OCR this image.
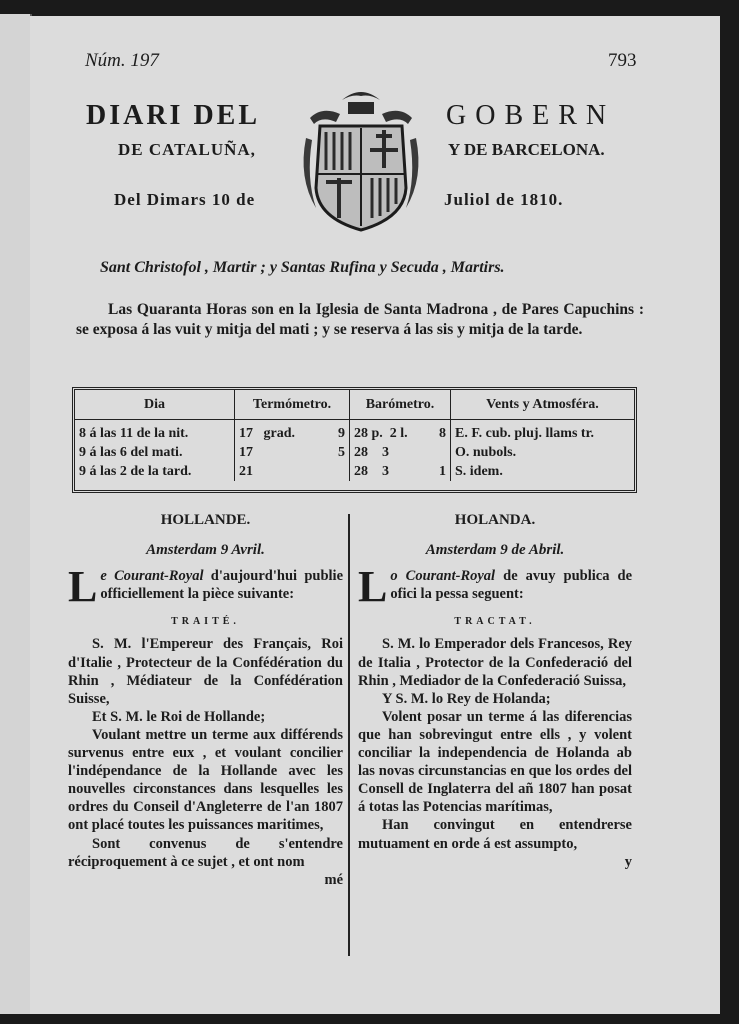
Núm. 197	793
DIARI DEL	GOBERN
DE CATALUÑA,	Y DE BARCELONA.
Del Dimars 10 de	Juliol de 1810.
Sant Christofol , Martir ; y Santas Rufina y Secuda , Martirs.
Las Quaranta Horas son en la Iglesia de Santa Madrona , de Pares Capuchins : se exposa á las vuit y mitja del mati ; y se reserva á las sis y mitja de la tarde.
Dia	Termómetro.	Barómetro.	Vents y Atmosféra.
8 á las 11 de la nit.	17 grad. 9	28 p. 2 l. 8	E. F. cub. pluj. llams tr.
9 á las 6 del mati.	17 5	28 3	O. nubols.
9 á las 2 de la tard.	21	28 3 1	S. idem.
HOLLANDE.
Amsterdam 9 Avril.

Le Courant-Royal d'aujourd'hui publie officiellement la pièce suivante:

TRAITÉ.

S. M. l'Empereur des Français, Roi d'Italie , Protecteur de la Confédération du Rhin , Médiateur de la Confédération Suisse,

Et S. M. le Roi de Hollande;

Voulant mettre un terme aux différends survenus entre eux , et voulant concilier l'indépendance de la Hollande avec les nouvelles circonstances dans lesquelles les ordres du Conseil d'Angleterre de l'an 1807 ont placé toutes les puissances maritimes,

Sont convenus de s'entendre réciproquement à ce sujet , et ont nom

mé

HOLANDA.
Amsterdam 9 de Abril.

Lo Courant-Royal de avuy publica de ofici la pessa seguent:

TRACTAT.

S. M. lo Emperador dels Francesos, Rey de Italia , Protector de la Confederació del Rhin , Mediador de la Confederació Suissa,

Y S. M. lo Rey de Holanda;

Volent posar un terme á las diferencias que han sobrevingut entre ells , y volent conciliar la independencia de Holanda ab las novas circunstancias en que los ordes del Consell de Inglaterra del añ 1807 han posat á totas las Potencias marítimas,

Han convingut en entendrerse mutuament en orde á est assumpto,

y
